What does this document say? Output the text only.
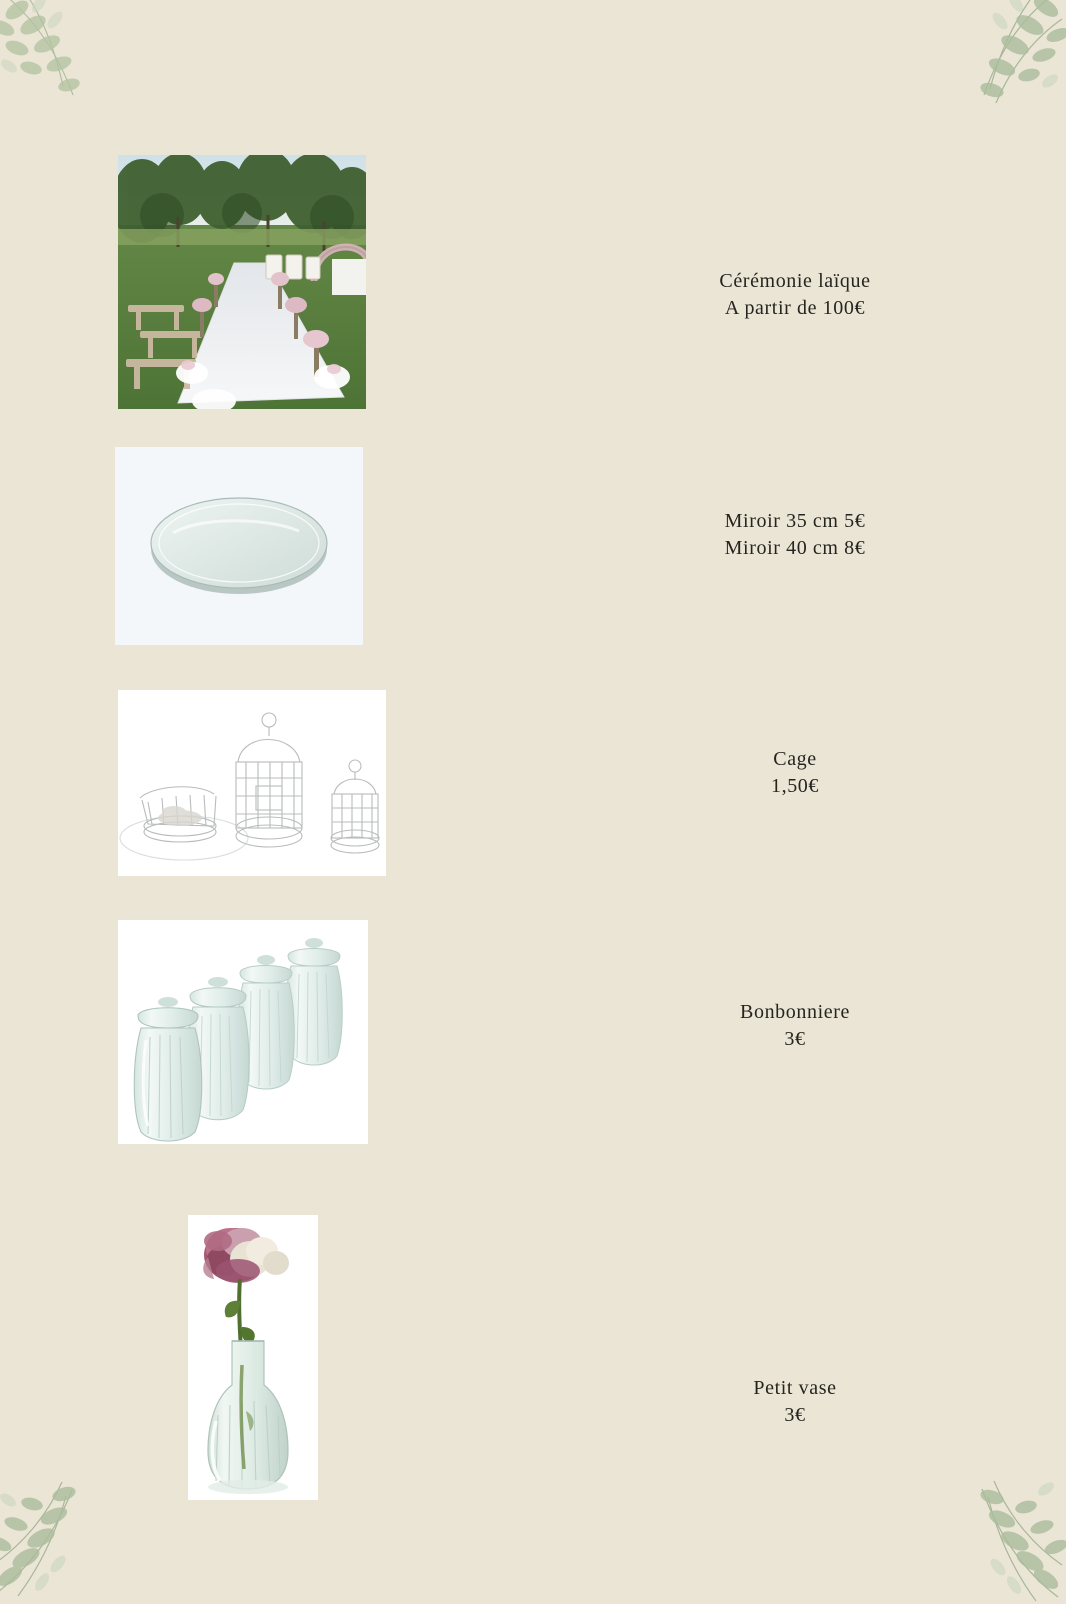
Cérémonie laïque
A partir de 100€
Miroir 35 cm 5€
Miroir 40 cm 8€
Cage
1,50€
Bonbonniere
3€
Petit vase
3€
